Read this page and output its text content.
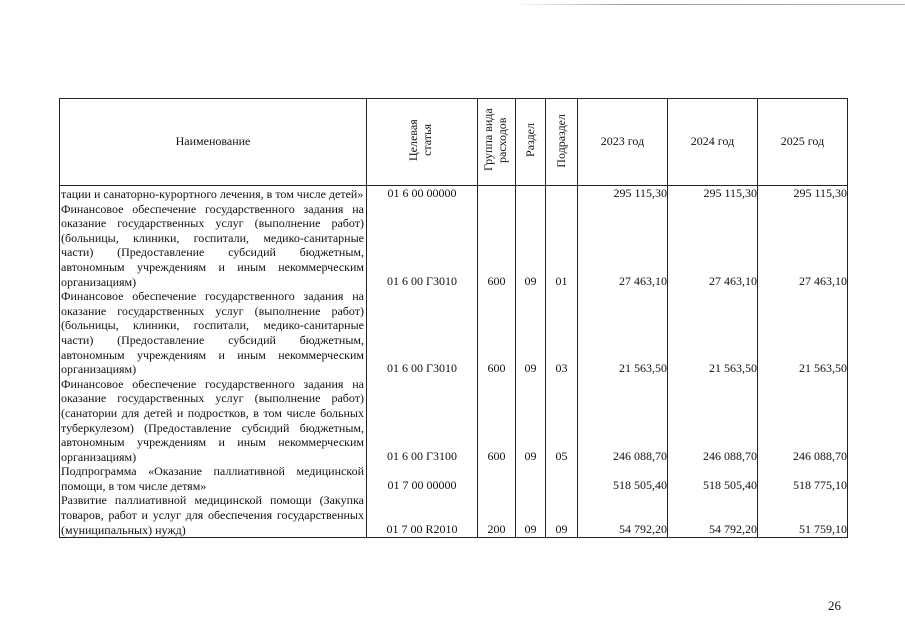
Наименование	Целевая статья	Группа вида расходов	Раздел	Подраздел	2023 год	2024 год	2025 год
тации и санаторно-курортного лечения, в том числе детей»	01 6 00 00000				295 115,30	295 115,30	295 115,30
Финансовое обеспечение государственного задания на оказание государственных услуг (выполнение работ) (больницы, клиники, госпитали, медико-санитарные части) (Предоставление субсидий бюджетным, автономным учреждениям и иным некоммерческим организациям)	01 6 00 Г3010	600	09	01	27 463,10	27 463,10	27 463,10
Финансовое обеспечение государственного задания на оказание государственных услуг (выполнение работ) (больницы, клиники, госпитали, медико-санитарные части) (Предоставление субсидий бюджетным, автономным учреждениям и иным некоммерческим организациям)	01 6 00 Г3010	600	09	03	21 563,50	21 563,50	21 563,50
Финансовое обеспечение государственного задания на оказание государственных услуг (выполнение работ) (санатории для детей и подростков, в том числе больных туберкулезом) (Предоставление субсидий бюджетным, автономным учреждениям и иным некоммерческим организациям)	01 6 00 Г3100	600	09	05	246 088,70	246 088,70	246 088,70
Подпрограмма «Оказание паллиативной медицинской помощи, в том числе детям»	01 7 00 00000				518 505,40	518 505,40	518 775,10
Развитие паллиативной медицинской помощи (Закупка товаров, работ и услуг для обеспечения государственных (муниципальных) нужд)	01 7 00 R2010	200	09	09	54 792,20	54 792,20	51 759,10
26
